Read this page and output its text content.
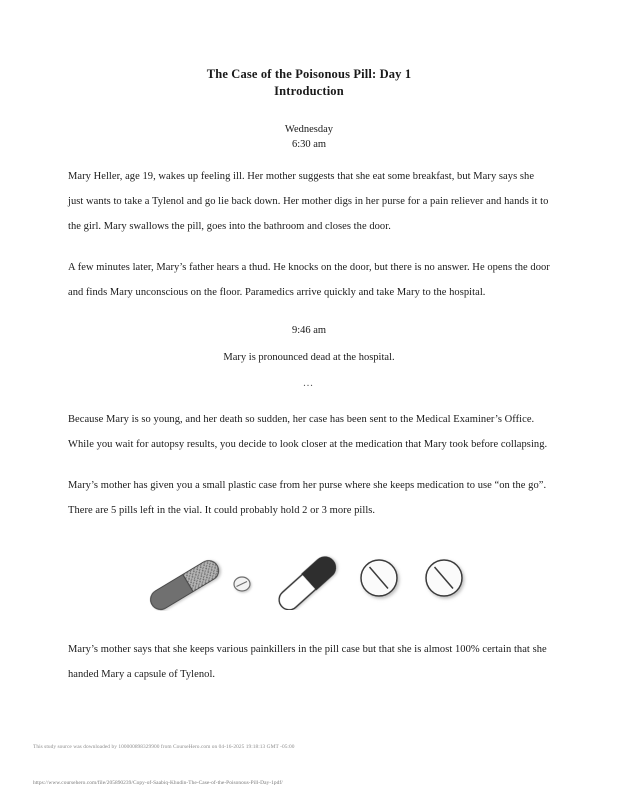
The Case of the Poisonous Pill: Day 1
Introduction

Wednesday

6:30 am

Mary Heller, age 19, wakes up feeling ill. Her mother suggests that she eat some breakfast, but Mary says she just wants to take a Tylenol and go lie back down. Her mother digs in her purse for a pain reliever and hands it to the girl. Mary swallows the pill, goes into the bathroom and closes the door.

A few minutes later, Mary’s father hears a thud. He knocks on the door, but there is no answer. He opens the door and finds Mary unconscious on the floor. Paramedics arrive quickly and take Mary to the hospital.

9:46 am

Mary is pronounced dead at the hospital.

…

Because Mary is so young, and her death so sudden, her case has been sent to the Medical Examiner’s Office. While you wait for autopsy results, you decide to look closer at the medication that Mary took before collapsing.

Mary’s mother has given you a small plastic case from her purse where she keeps medication to use “on the go”. There are 5 pills left in the vial. It could probably hold 2 or 3 more pills.

Mary’s mother says that she keeps various painkillers in the pill case but that she is almost 100% certain that she handed Mary a capsule of Tylenol.

This study source was downloaded by 100000898329900 from CourseHero.com on 04-16-2025 19:18:13 GMT -05:00
https://www.coursehero.com/file/205890239/Copy-of-Saabiq-Khudin-The-Case-of-the-Poisonous-Pill-Day-1pdf/
